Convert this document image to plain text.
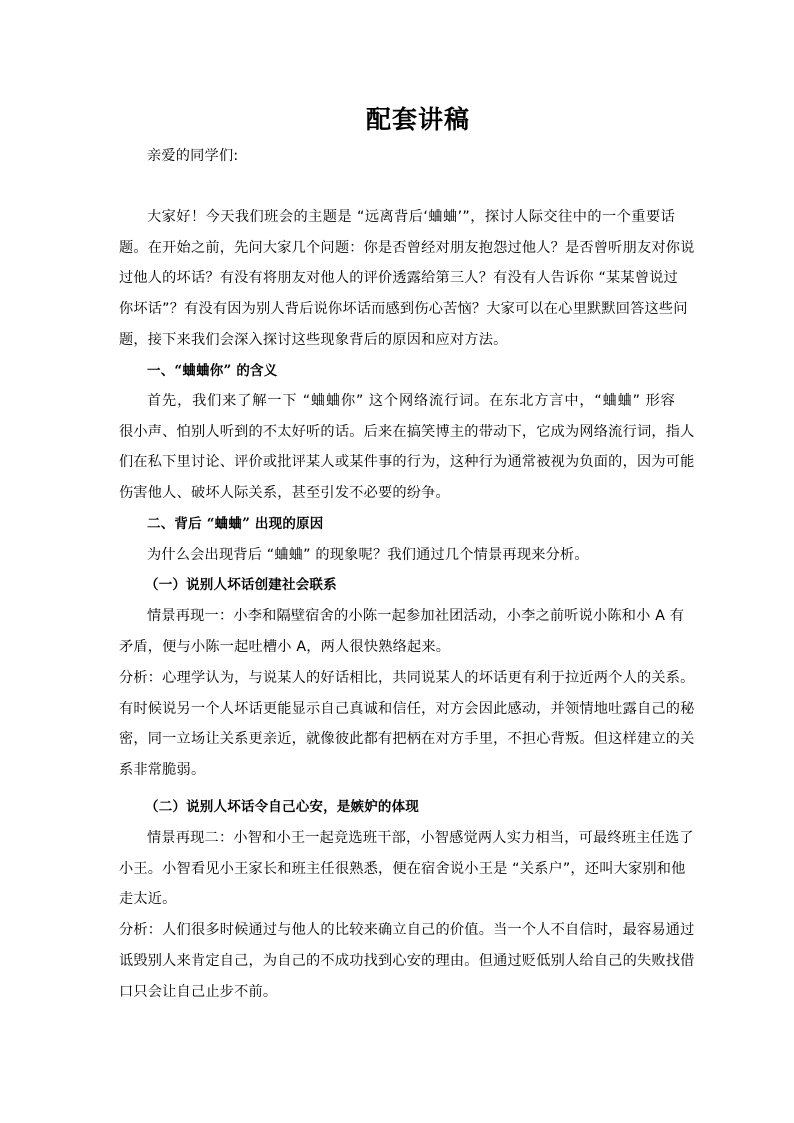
配套讲稿
亲爱的同学们:
大家好！今天我们班会的主题是 “远离背后‘蛐蛐’”，探讨人际交往中的一个重要话
题。在开始之前，先问大家几个问题：你是否曾经对朋友抱怨过他人？是否曾听朋友对你说
过他人的坏话？有没有将朋友对他人的评价透露给第三人？有没有人告诉你 “某某曾说过
你坏话”？有没有因为别人背后说你坏话而感到伤心苦恼？大家可以在心里默默回答这些问
题，接下来我们会深入探讨这些现象背后的原因和应对方法。
一、“蛐蛐你” 的含义
首先，我们来了解一下 “蛐蛐你” 这个网络流行词。在东北方言中，“蛐蛐” 形容
很小声、怕别人听到的不太好听的话。后来在搞笑博主的带动下，它成为网络流行词，指人
们在私下里讨论、评价或批评某人或某件事的行为，这种行为通常被视为负面的，因为可能
伤害他人、破坏人际关系，甚至引发不必要的纷争。
二、背后 “蛐蛐” 出现的原因
为什么会出现背后 “蛐蛐” 的现象呢？我们通过几个情景再现来分析。
（一）说别人坏话创建社会联系
情景再现一：小李和隔壁宿舍的小陈一起参加社团活动，小李之前听说小陈和小 A 有
矛盾，便与小陈一起吐槽小 A，两人很快熟络起来。
分析：心理学认为，与说某人的好话相比，共同说某人的坏话更有利于拉近两个人的关系。
有时候说另一个人坏话更能显示自己真诚和信任，对方会因此感动，并领情地吐露自己的秘
密，同一立场让关系更亲近，就像彼此都有把柄在对方手里，不担心背叛。但这样建立的关
系非常脆弱。
（二）说别人坏话令自己心安，是嫉妒的体现
情景再现二：小智和小王一起竞选班干部，小智感觉两人实力相当，可最终班主任选了
小王。小智看见小王家长和班主任很熟悉，便在宿舍说小王是 “关系户”，还叫大家别和他
走太近。
分析：人们很多时候通过与他人的比较来确立自己的价值。当一个人不自信时，最容易通过
诋毁别人来肯定自己，为自己的不成功找到心安的理由。但通过贬低别人给自己的失败找借
口只会让自己止步不前。
